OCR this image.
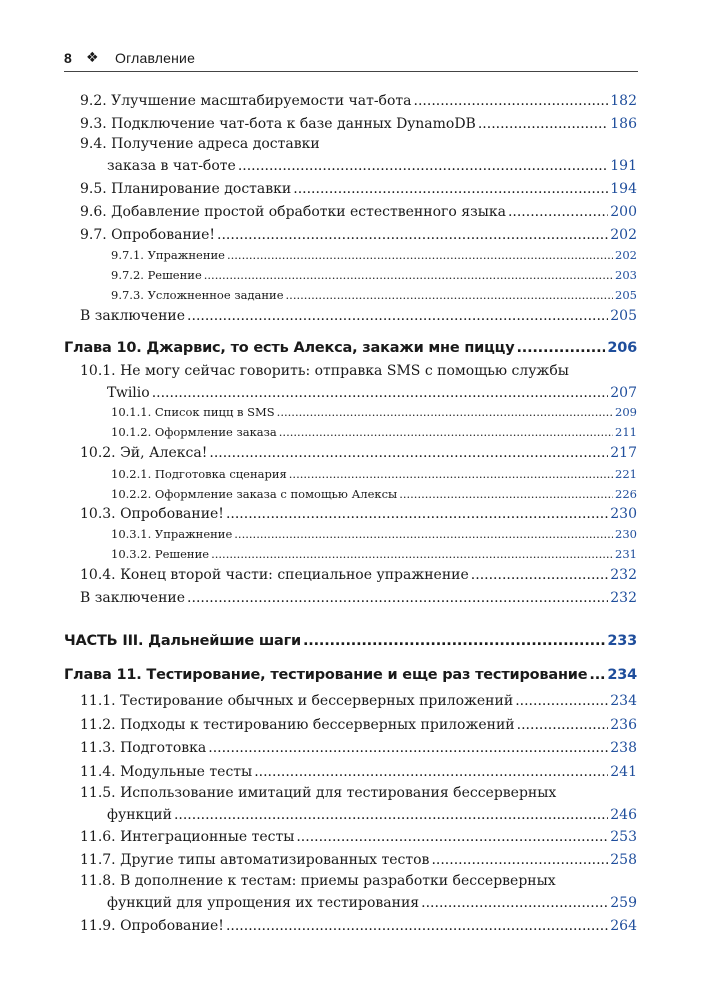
8 ❖ Оглавление
9.2. Улучшение масштабируемости чат-бота .....	182
9.3. Подключение чат-бота к базе данных DynamoDB .....	186
9.4. Получение адреса доставки
заказа в чат-боте .....	191
9.5. Планирование доставки .....	194
9.6. Добавление простой обработки естественного языка .....	200
9.7. Опробование! .....	202
9.7.1. Упражнение .....	202
9.7.2. Решение .....	203
9.7.3. Усложненное задание .....	205
В заключение .....	205
Глава 10. Джарвис, то есть Алекса, закажи мне пиццу .....	206
10.1. Не могу сейчас говорить: отправка SMS с помощью службы
Twilio .....	207
10.1.1. Список пицц в SMS .....	209
10.1.2. Оформление заказа .....	211
10.2. Эй, Алекса! .....	217
10.2.1. Подготовка сценария .....	221
10.2.2. Оформление заказа с помощью Алексы .....	226
10.3. Опробование! .....	230
10.3.1. Упражнение .....	230
10.3.2. Решение .....	231
10.4. Конец второй части: специальное упражнение .....	232
В заключение .....	232
ЧАСТЬ III. Дальнейшие шаги .....	233
Глава 11. Тестирование, тестирование и еще раз тестирование ..... 234
11.1. Тестирование обычных и бессерверных приложений .....	234
11.2. Подходы к тестированию бессерверных приложений .....	236
11.3. Подготовка .....	238
11.4. Модульные тесты .....	241
11.5. Использование имитаций для тестирования бессерверных
функций .....	246
11.6. Интеграционные тесты .....	253
11.7. Другие типы автоматизированных тестов .....	258
11.8. В дополнение к тестам: приемы разработки бессерверных
функций для упрощения их тестирования .....	259
11.9. Опробование! .....	264
